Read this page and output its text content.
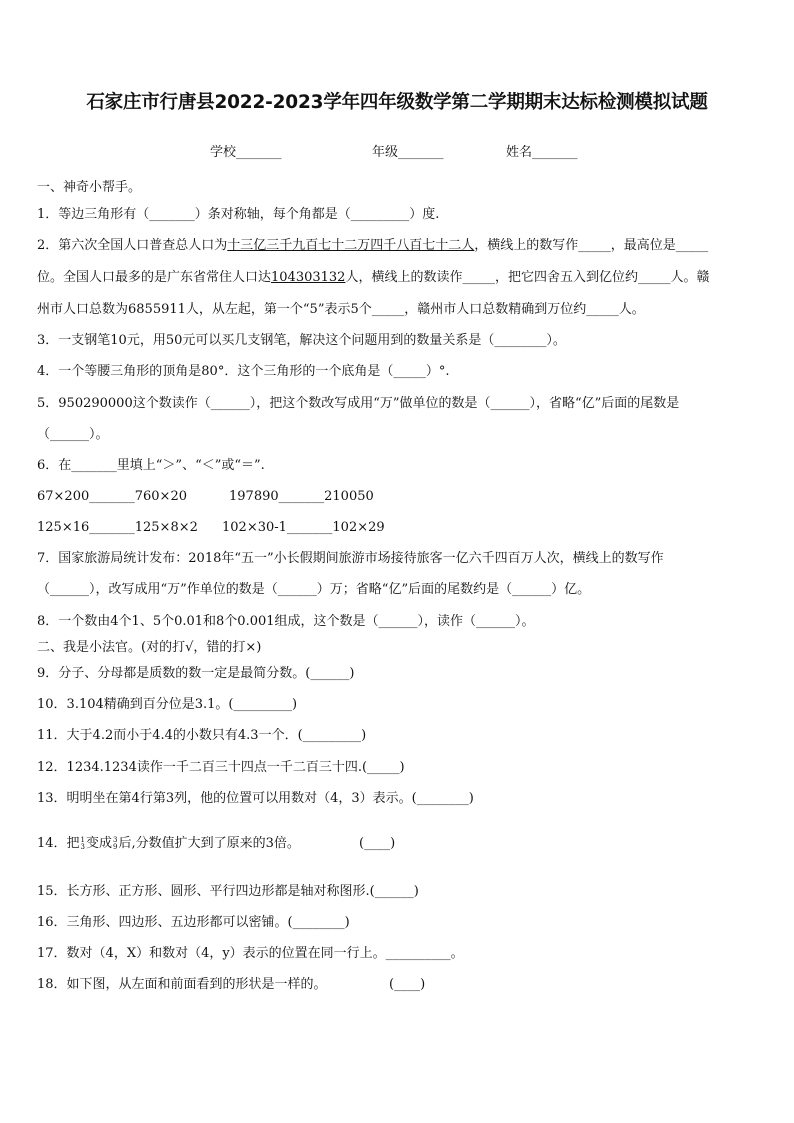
石家庄市行唐县2022-2023学年四年级数学第二学期期末达标检测模拟试题
学校_______	年级_______	姓名_______
一、神奇小帮手。
1．等边三角形有（_______）条对称轴，每个角都是（_________）度.
2．第六次全国人口普查总人口为十三亿三千九百七十二万四千八百七十二人，横线上的数写作_____，最高位是_____
位。全国人口最多的是广东省常住人口达104303132人，横线上的数读作_____，把它四舍五入到亿位约_____人。赣
州市人口总数为6855911人，从左起，第一个“5”表示5个_____，赣州市人口总数精确到万位约_____人。
3．一支钢笔10元，用50元可以买几支钢笔，解决这个问题用到的数量关系是（________）。
4．一个等腰三角形的顶角是80°．这个三角形的一个底角是（_____）°.
5．950290000这个数读作（______），把这个数改写成用“万”做单位的数是（______），省略“亿”后面的尾数是
（______）。
6．在_______里填上“＞”、“＜”或“＝”.
67×200_______760×20	197890_______210050
125×16_______125×8×2 102×30-1_______102×29
7．国家旅游局统计发布：2018年“五一”小长假期间旅游市场接待旅客一亿六千四百万人次，横线上的数写作
（______），改写成用“万”作单位的数是（______）万；省略“亿”后面的尾数约是（______）亿。
8．一个数由4个1、5个0.01和8个0.001组成，这个数是（______），读作（______）。
二、我是小法官。(对的打√，错的打×)
9．分子、分母都是质数的数一定是最简分数。(______)
10．3.104精确到百分位是3.1。(_________)
11．大于4.2而小于4.4的小数只有4.3一个．(_________)
12．1234.1234读作一千二百三十四点一千二百三十四.(_____)
13．明明坐在第4行第3列，他的位置可以用数对（4，3）表示。(________)
14．把 1
3 变成 3
9 后,分数值扩大到了原来的3倍。	(____)
15．长方形、正方形、圆形、平行四边形都是轴对称图形.(______)
16．三角形、四边形、五边形都可以密铺。(________)
17．数对（4，X）和数对（4，y）表示的位置在同一行上。__________。
18．如下图，从左面和前面看到的形状是一样的。	(____)
